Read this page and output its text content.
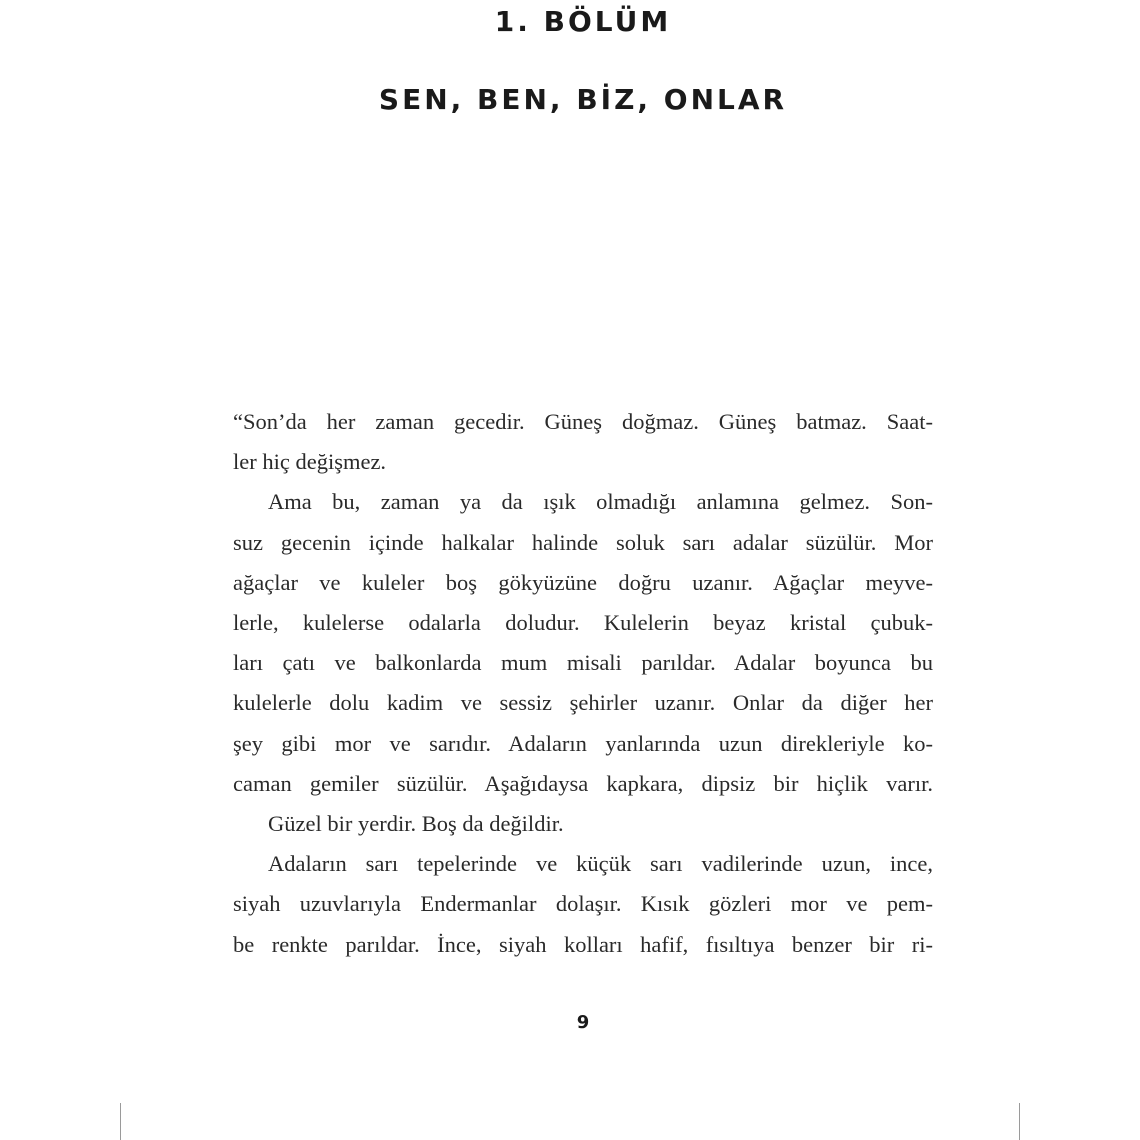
1. BÖLÜM
SEN, BEN, BİZ, ONLAR
“Son’da her zaman gecedir. Güneş doğmaz. Güneş batmaz. Saat-
ler hiç değişmez.
Ama bu, zaman ya da ışık olmadığı anlamına gelmez. Son-
suz gecenin içinde halkalar halinde soluk sarı adalar süzülür. Mor
ağaçlar ve kuleler boş gökyüzüne doğru uzanır. Ağaçlar meyve-
lerle, kulelerse odalarla doludur. Kulelerin beyaz kristal çubuk-
ları çatı ve balkonlarda mum misali parıldar. Adalar boyunca bu
kulelerle dolu kadim ve sessiz şehirler uzanır. Onlar da diğer her
şey gibi mor ve sarıdır. Adaların yanlarında uzun direkleriyle ko-
caman gemiler süzülür. Aşağıdaysa kapkara, dipsiz bir hiçlik varır.
Güzel bir yerdir. Boş da değildir.
Adaların sarı tepelerinde ve küçük sarı vadilerinde uzun, ince,
siyah uzuvlarıyla Endermanlar dolaşır. Kısık gözleri mor ve pem-
be renkte parıldar. İnce, siyah kolları hafif, fısıltıya benzer bir ri-
9
